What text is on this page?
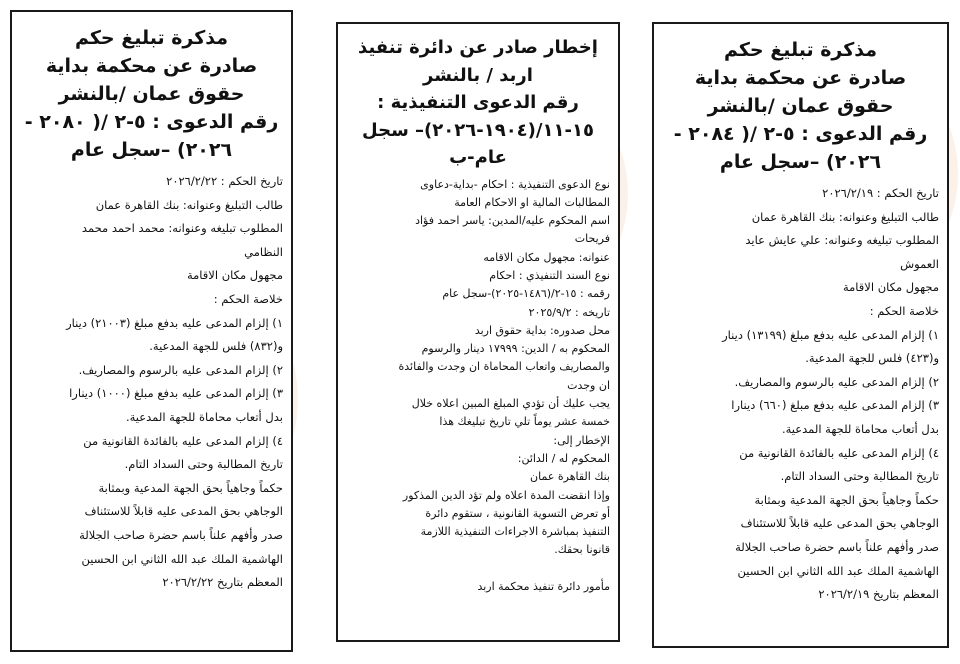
مذكرة تبليغ حكم
صادرة عن محكمة بداية
حقوق عمان /بالنشر
رقم الدعوى : ٥-٢ /( ٢٠٨٤ -
٢٠٢٦) –سجل عام
تاريخ الحكم : ٢٠٢٦/٢/١٩
طالب التبليغ وعنوانه: بنك القاهرة عمان
المطلوب تبليغه وعنوانه: علي عايش عايد
العموش
مجهول مكان الاقامة
خلاصة الحكم :
١) إلزام المدعى عليه بدفع مبلغ (١٣١٩٩) دينار
و(٤٢٣) فلس للجهة المدعية.
٢) إلزام المدعى عليه بالرسوم والمصاريف.
٣) إلزام المدعى عليه بدفع مبلغ (٦٦٠) دينارا
بدل أتعاب محاماة للجهة المدعية.
٤) إلزام المدعى عليه بالفائدة القانونية من
تاريخ المطالبة وحتى السداد التام.
حكماً وجاهياً بحق الجهة المدعية وبمثابة
الوجاهي بحق المدعى عليه قابلاً للاستئناف
صدر وأفهم علناً باسم حضرة صاحب الجلالة
الهاشمية الملك عبد الله الثاني ابن الحسين
المعظم بتاريخ ٢٠٢٦/٢/١٩
إخطار صادر عن دائرة تنفيذ
اربد / بالنشر
رقم الدعوى التنفيذية :
١٥-١١/(١٩٠٤-٢٠٢٦)– سجل
عام-ب
نوع الدعوى التنفيذية : احكام -بداية-دعاوى
المطالبات المالية او الاحكام العامة
اسم المحكوم عليه/المدين: ياسر احمد فؤاد
فريحات
عنوانه: مجهول مكان الاقامه
نوع السند التنفيذي : احكام
رقمه : ١٥-٢/(١٤٨٦-٢٠٢٥)-سجل عام
تاريخه : ٢٠٢٥/٩/٢
محل صدوره: بداية حقوق اربد
المحكوم به / الدين: ١٧٩٩٩ دينار والرسوم
والمصاريف واتعاب المحاماة ان وجدت والفائدة
ان وجدت
يجب عليك أن تؤدي المبلغ المبين اعلاه خلال
خمسة عشر يوماً تلي تاريخ تبليغك هذا
الإخطار إلى:
المحكوم له / الدائن:
بنك القاهرة عمان
وإذا انقضت المدة اعلاه ولم تؤد الدين المذكور
أو تعرض التسوية القانونية ، ستقوم دائرة
التنفيذ بمباشرة الاجراءات التنفيذية اللازمة
قانونا بحقك.

مأمور دائرة تنفيذ محكمة اربد
مذكرة تبليغ حكم
صادرة عن محكمة بداية
حقوق عمان /بالنشر
رقم الدعوى : ٥-٢ /( ٢٠٨٠ -
٢٠٢٦) –سجل عام
تاريخ الحكم : ٢٠٢٦/٢/٢٢
طالب التبليغ وعنوانه: بنك القاهرة عمان
المطلوب تبليغه وعنوانه: محمد احمد محمد
النظامي
مجهول مكان الاقامة
خلاصة الحكم :
١) إلزام المدعى عليه بدفع مبلغ (٢١٠٠٣) دينار
و(٨٣٢) فلس للجهة المدعية.
٢) إلزام المدعى عليه بالرسوم والمصاريف.
٣) إلزام المدعى عليه بدفع مبلغ (١٠٠٠) دينارا
بدل أتعاب محاماة للجهة المدعية.
٤) إلزام المدعى عليه بالفائدة القانونية من
تاريخ المطالبة وحتى السداد التام.
حكماً وجاهياً بحق الجهة المدعية وبمثابة
الوجاهي بحق المدعى عليه قابلاً للاستئناف
صدر وأفهم علناً باسم حضرة صاحب الجلالة
الهاشمية الملك عبد الله الثاني ابن الحسين
المعظم بتاريخ ٢٠٢٦/٢/٢٢
